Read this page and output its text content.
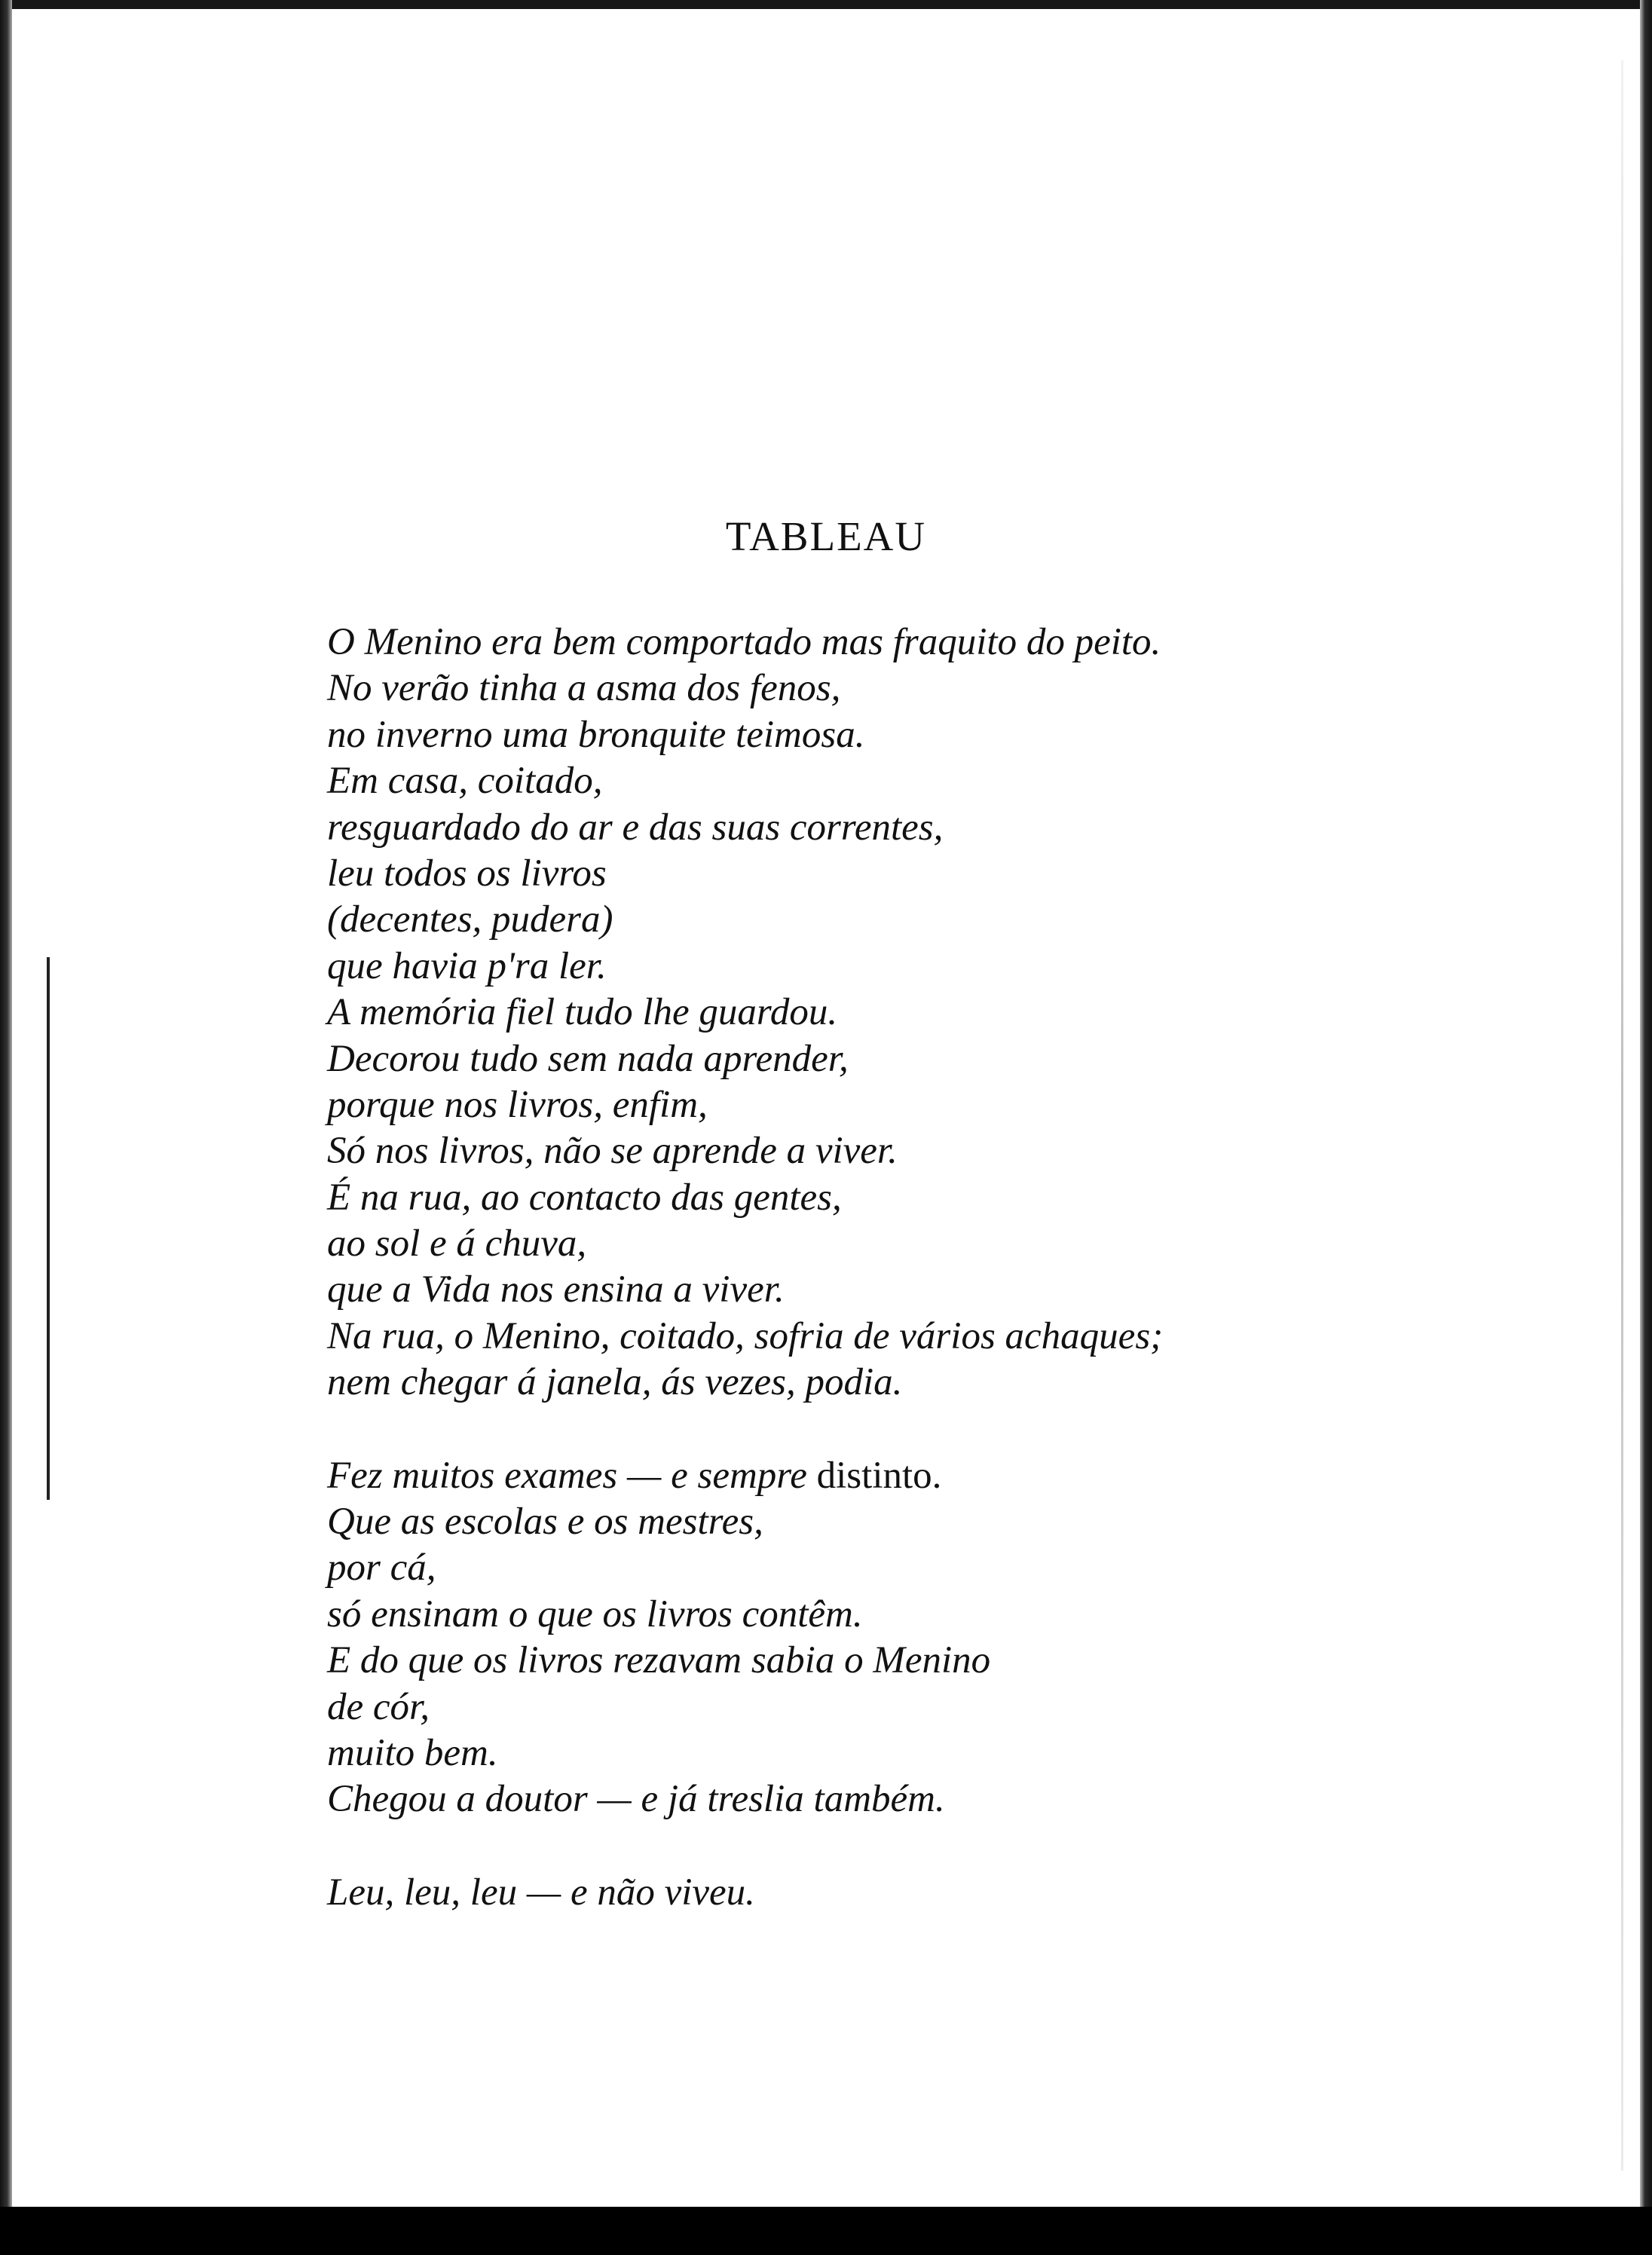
TABLEAU
O Menino era bem comportado mas fraquito do peito.
No verão tinha a asma dos fenos,
no inverno uma bronquite teimosa.
Em casa, coitado,
resguardado do ar e das suas correntes,
leu todos os livros
(decentes, pudera)
que havia p'ra ler.
A memória fiel tudo lhe guardou.
Decorou tudo sem nada aprender,
porque nos livros, enfim,
Só nos livros, não se aprende a viver.
É na rua, ao contacto das gentes,
ao sol e á chuva,
que a Vida nos ensina a viver.
Na rua, o Menino, coitado, sofria de vários achaques;
nem chegar á janela, ás vezes, podia.
Fez muitos exames — e sempre distinto.
Que as escolas e os mestres,
por cá,
só ensinam o que os livros contêm.
E do que os livros rezavam sabia o Menino
de cór,
muito bem.
Chegou a doutor — e já treslia também.
Leu, leu, leu — e não viveu.
